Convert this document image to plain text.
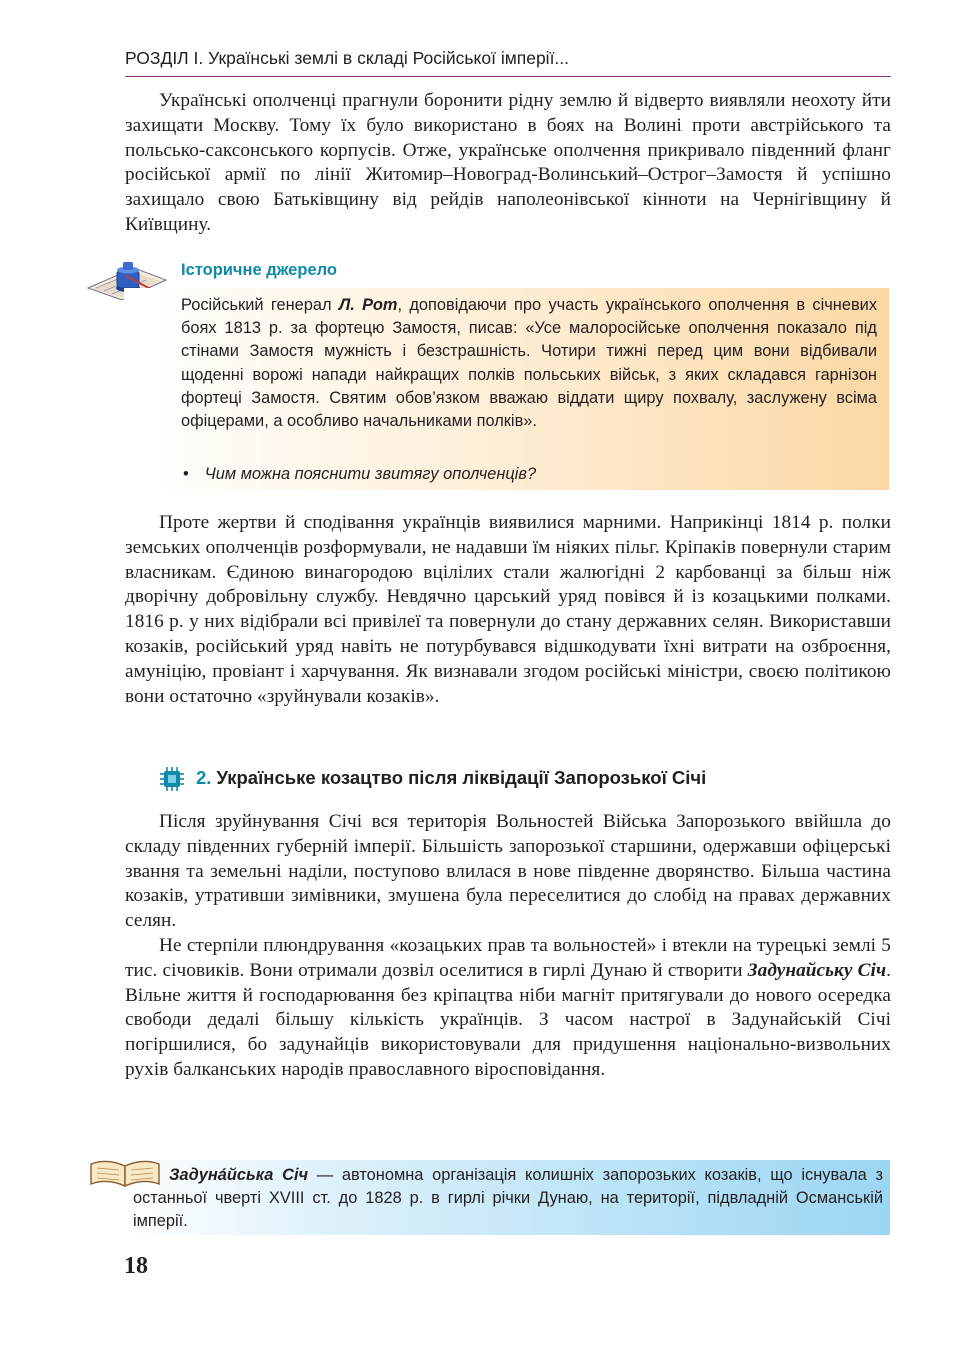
РОЗДІЛ І. Українські землі в складі Російської імперії...

Українські ополченці прагнули боронити рідну землю й відверто виявляли неохоту йти захищати Москву. Тому їх було використано в боях на Волині проти австрійського та польсько-саксонського корпусів. Отже, українське ополчення прикривало південний фланг російської армії по лінії Житомир–Новоград-Волинський–Острог–Замостя й успішно захищало свою Батьківщину від рейдів наполеонівської кінноти на Чернігівщину й Київщину.

Історичне джерело

Російський генерал Л. Рот, доповідаючи про участь українського ополчення в січневих боях 1813 р. за фортецю Замостя, писав: «Усе малоросійське ополчення показало під стінами Замостя мужність і безстрашність. Чотири тижні перед цим вони відбивали щоденні ворожі напади найкращих полків польських військ, з яких складався гарнізон фортеці Замостя. Святим обов’язком вважаю віддати щиру похвалу, заслужену всіма офіцерами, а особливо начальниками полків».

• Чим можна пояснити звитягу ополченців?

Проте жертви й сподівання українців виявилися марними. Наприкінці 1814 р. полки земських ополченців розформували, не надавши їм ніяких пільг. Кріпаків повернули старим власникам. Єдиною винагородою вцілілих стали жалюгідні 2 карбованці за більш ніж дворічну добровільну службу. Невдячно царський уряд повівся й із козацькими полками. 1816 р. у них відібрали всі привілеї та повернули до стану державних селян. Використавши козаків, російський уряд навіть не потурбувався відшкодувати їхні витрати на озброєння, амуніцію, провіант і харчування. Як визнавали згодом російські міністри, своєю політикою вони остаточно «зруйнували козаків».

2. Українське козацтво після ліквідації Запорозької Січі

Після зруйнування Січі вся територія Вольностей Війська Запорозького ввійшла до складу південних губерній імперії. Більшість запорозької старшини, одержавши офіцерські звання та земельні наділи, поступово влилася в нове південне дворянство. Більша частина козаків, утративши зимівники, змушена була переселитися до слобід на правах державних селян.

Не стерпіли плюндрування «козацьких прав та вольностей» і втекли на турецькі землі 5 тис. січовиків. Вони отримали дозвіл оселитися в гирлі Дунаю й створити Задунайську Січ. Вільне життя й господарювання без кріпацтва ніби магніт притягували до нового осередка свободи дедалі більшу кількість українців. З часом настрої в Задунайській Січі погіршилися, бо задунайців використовували для придушення національно-визвольних рухів балканських народів православного віросповідання.

Задуна́йська Січ — автономна організація колишніх запорозьких козаків, що існувала з останньої чверті XVIII ст. до 1828 р. в гирлі річки Дунаю, на території, підвладній Османській імперії.

18
